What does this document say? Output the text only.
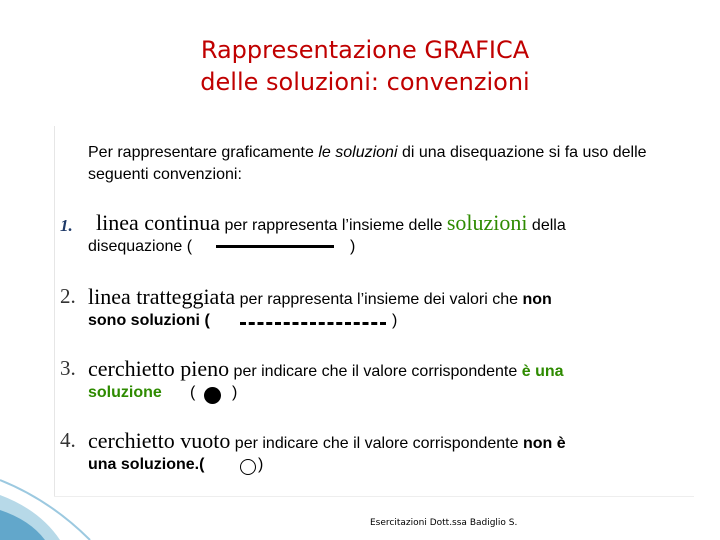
Rappresentazione GRAFICA
delle soluzioni: convenzioni
Per rappresentare graficamente le soluzioni di una disequazione si fa uso delle seguenti convenzioni:
1. linea continua per rappresenta l’insieme delle soluzioni della
disequazione (	)
2. linea tratteggiata per rappresenta l’insieme dei valori che non
sono soluzioni (	)
3. cerchietto pieno per indicare che il valore corrispondente è una
soluzione ( )
4. cerchietto vuoto per indicare che il valore corrispondente non è
una soluzione.(	)
Esercitazioni Dott.ssa Badiglio S.
